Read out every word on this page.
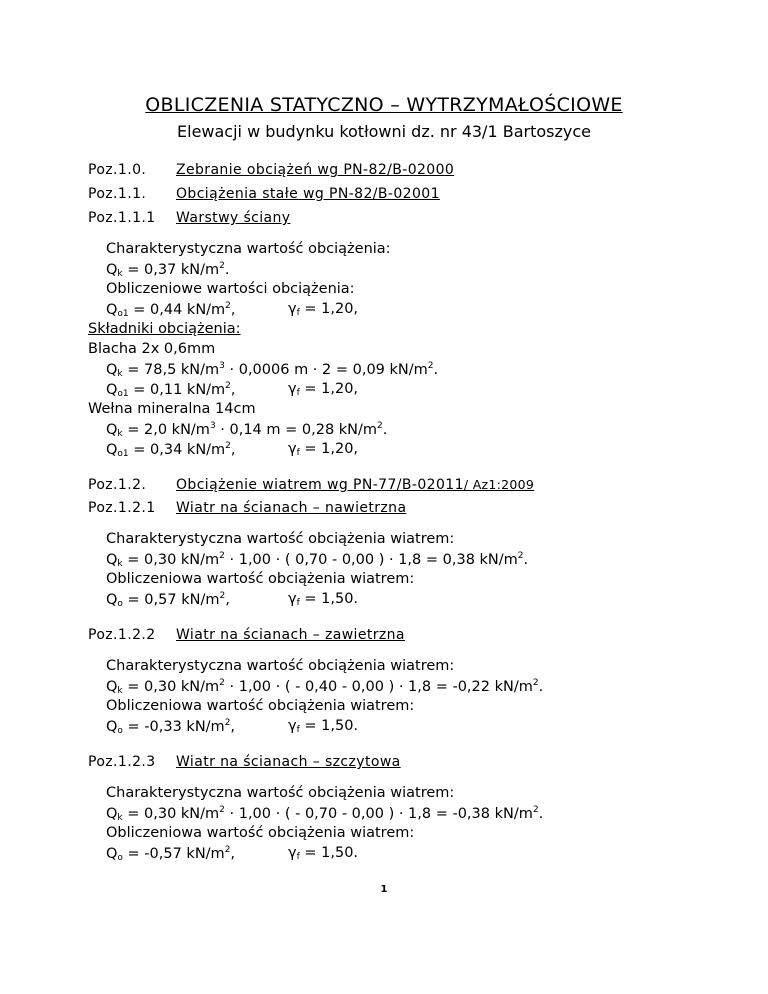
OBLICZENIA STATYCZNO – WYTRZYMAŁOŚCIOWE
Elewacji w budynku kotłowni dz. nr 43/1 Bartoszyce
Poz.1.0. Zebranie obciążeń wg PN-82/B-02000
Poz.1.1. Obciążenia stałe wg PN-82/B-02001
Poz.1.1.1 Warstwy ściany
Charakterystyczna wartość obciążenia:
$Q_k = 0,37$ $kN/m^2$.
Obliczeniowe wartości obciążenia:
$Q_{o1} = 0,44$ $kN/m^2$,	$\gamma_f = 1,20$,
Składniki obciążenia:
Blacha 2x 0,6mm
$Q_k = 78,5$ $kN/m^3 \cdot 0,0006$ m · 2 = 0,09 $kN/m^2$.
$Q_{o1} = 0,11$ $kN/m^2$,	$\gamma_f = 1,20$,
Wełna mineralna 14cm
$Q_k = 2,0$ $kN/m^3 \cdot 0,14$ m = 0,28 $kN/m^2$.
$Q_{o1} = 0,34$ $kN/m^2$,	$\gamma_f = 1,20$,
Poz.1.2. Obciążenie wiatrem wg PN-77/B-02011/ Az1:2009
Poz.1.2.1 Wiatr na ścianach – nawietrzna
Charakterystyczna wartość obciążenia wiatrem:
$Q_k = 0,30$ $kN/m^2 \cdot 1,00$ · ( 0,70 - 0,00 ) · 1,8 = 0,38 $kN/m^2$.
Obliczeniowa wartość obciążenia wiatrem:
$Q_o = 0,57$ $kN/m^2$,	$\gamma_f = 1,50$.
Poz.1.2.2 Wiatr na ścianach – zawietrzna
Charakterystyczna wartość obciążenia wiatrem:
$Q_k = 0,30$ $kN/m^2 \cdot 1,00$ · ( - 0,40 - 0,00 ) · 1,8 = -0,22 $kN/m^2$.
Obliczeniowa wartość obciążenia wiatrem:
$Q_o = -0,33$ $kN/m^2$,	$\gamma_f = 1,50$.
Poz.1.2.3 Wiatr na ścianach – szczytowa
Charakterystyczna wartość obciążenia wiatrem:
$Q_k = 0,30$ $kN/m^2 \cdot 1,00$ · ( - 0,70 - 0,00 ) · 1,8 = -0,38 $kN/m^2$.
Obliczeniowa wartość obciążenia wiatrem:
$Q_o = -0,57$ $kN/m^2$,	$\gamma_f = 1,50$.
1
